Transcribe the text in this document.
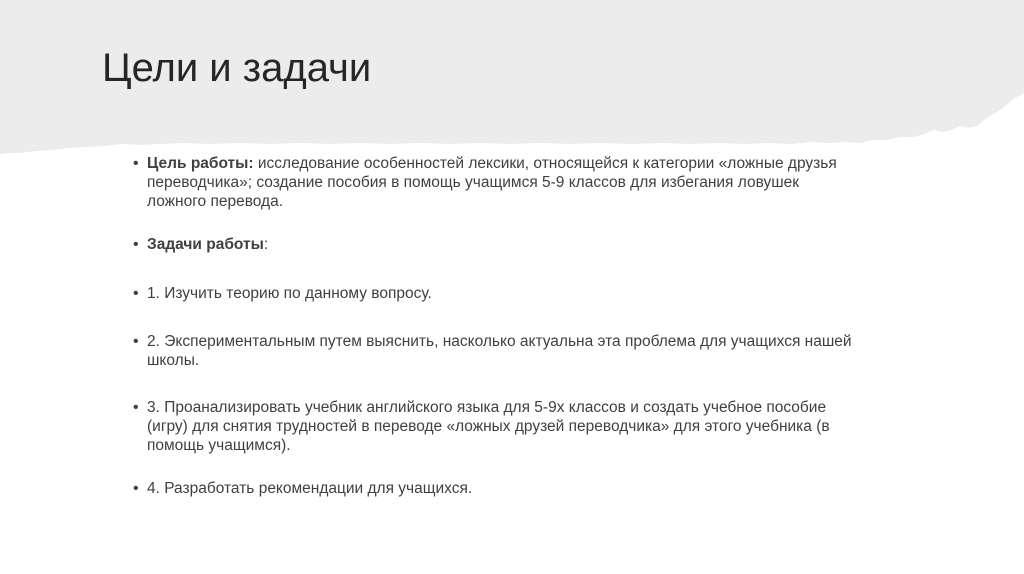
Цели и задачи
• Цель работы: исследование особенностей лексики, относящейся к категории «ложные друзья переводчика»; создание пособия в помощь учащимся 5-9 классов для избегания ловушек ложного перевода.
• Задачи работы:
• 1. Изучить теорию по данному вопросу.
• 2. Экспериментальным путем выяснить, насколько актуальна эта проблема для учащихся нашей школы.
• 3. Проанализировать учебник английского языка для 5-9х классов и создать учебное пособие (игру) для снятия трудностей в переводе «ложных друзей переводчика» для этого учебника (в помощь учащимся).
• 4. Разработать рекомендации для учащихся.
